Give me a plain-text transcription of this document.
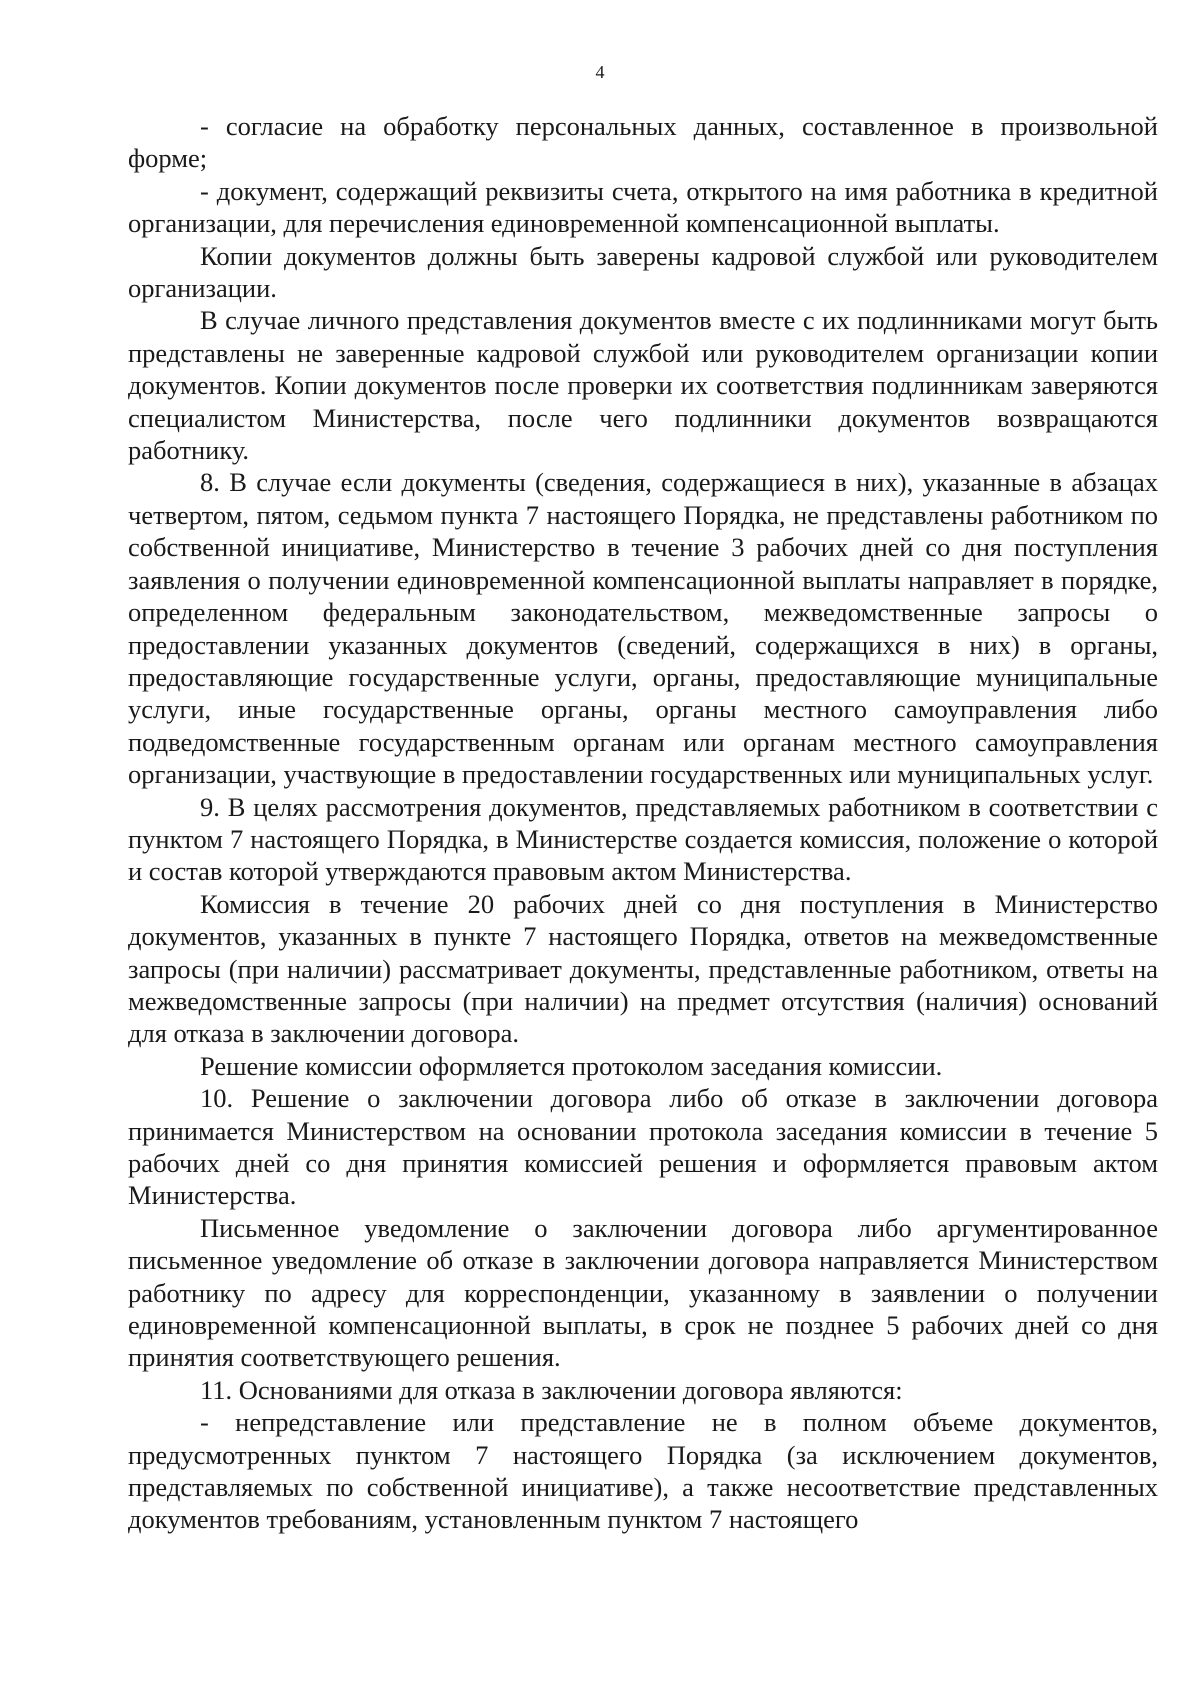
4

- согласие на обработку персональных данных, составленное в произвольной форме;

- документ, содержащий реквизиты счета, открытого на имя работника в кредитной организации, для перечисления единовременной компенсационной выплаты.

Копии документов должны быть заверены кадровой службой или руководителем организации.

В случае личного представления документов вместе с их подлинниками могут быть представлены не заверенные кадровой службой или руководителем организации копии документов. Копии документов после проверки их соответствия подлинникам заверяются специалистом Министерства, после чего подлинники документов возвращаются работнику.

8. В случае если документы (сведения, содержащиеся в них), указанные в абзацах четвертом, пятом, седьмом пункта 7 настоящего Порядка, не представлены работником по собственной инициативе, Министерство в течение 3 рабочих дней со дня поступления заявления о получении единовременной компенсационной выплаты направляет в порядке, определенном федеральным законодательством, межведомственные запросы о предоставлении указанных документов (сведений, содержащихся в них) в органы, предоставляющие государственные услуги, органы, предоставляющие муниципальные услуги, иные государственные органы, органы местного самоуправления либо подведомственные государственным органам или органам местного самоуправления организации, участвующие в предоставлении государственных или муниципальных услуг.

9. В целях рассмотрения документов, представляемых работником в соответствии с пунктом 7 настоящего Порядка, в Министерстве создается комиссия, положение о которой и состав которой утверждаются правовым актом Министерства.

Комиссия в течение 20 рабочих дней со дня поступления в Министерство документов, указанных в пункте 7 настоящего Порядка, ответов на межведомственные запросы (при наличии) рассматривает документы, представленные работником, ответы на межведомственные запросы (при наличии) на предмет отсутствия (наличия) оснований для отказа в заключении договора.

Решение комиссии оформляется протоколом заседания комиссии.

10. Решение о заключении договора либо об отказе в заключении договора принимается Министерством на основании протокола заседания комиссии в течение 5 рабочих дней со дня принятия комиссией решения и оформляется правовым актом Министерства.

Письменное уведомление о заключении договора либо аргументированное письменное уведомление об отказе в заключении договора направляется Министерством работнику по адресу для корреспонденции, указанному в заявлении о получении единовременной компенсационной выплаты, в срок не позднее 5 рабочих дней со дня принятия соответствующего решения.

11. Основаниями для отказа в заключении договора являются:

- непредставление или представление не в полном объеме документов, предусмотренных пунктом 7 настоящего Порядка (за исключением документов, представляемых по собственной инициативе), а также несоответствие представленных документов требованиям, установленным пунктом 7 настоящего
